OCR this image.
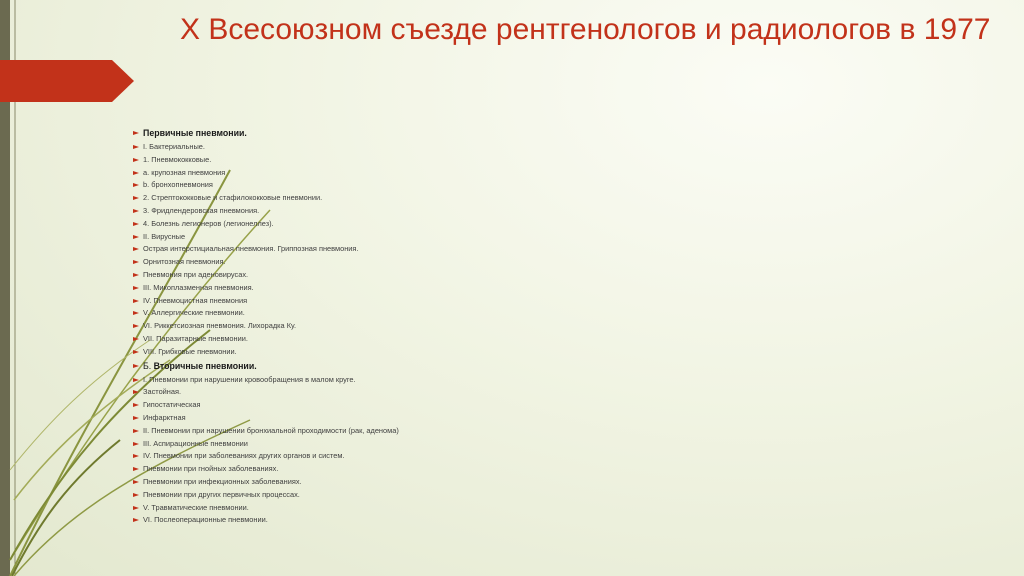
X Всесоюзном съезде рентгенологов и радиологов в 1977
Первичные пневмонии.
I. Бактериальные.
1. Пневмококковые.
a. крупозная пневмония
b. бронхопневмония
2. Стрептококковые и стафилококковые пневмонии.
3. Фридлендеровская пневмония.
4. Болезнь легионеров (легионеллез).
II. Вирусные
Острая интерстициальная пневмония. Гриппозная пневмония.
Орнитозная пневмония.
Пневмония при аденовирусах.
III. Микоплазменная пневмония.
IV. Пневмоцистная пневмония
V. Аллергические пневмонии.
VI. Риккетсиозная пневмония. Лихорадка Ку.
VII. Паразитарные пневмонии.
VIII. Грибковые пневмонии.
Б. Вторичные пневмонии.
I. Пневмонии при нарушении кровообращения в малом круге.
Застойная.
Гипостатическая
Инфарктная
II. Пневмонии при нарушении бронхиальной проходимости (рак, аденома)
III. Аспирационные пневмонии
IV. Пневмонии при заболеваниях других органов и систем.
Пневмонии при гнойных заболеваниях.
Пневмонии при инфекционных заболеваниях.
Пневмонии при других первичных процессах.
V. Травматические пневмонии.
VI. Послеоперационные пневмонии.
